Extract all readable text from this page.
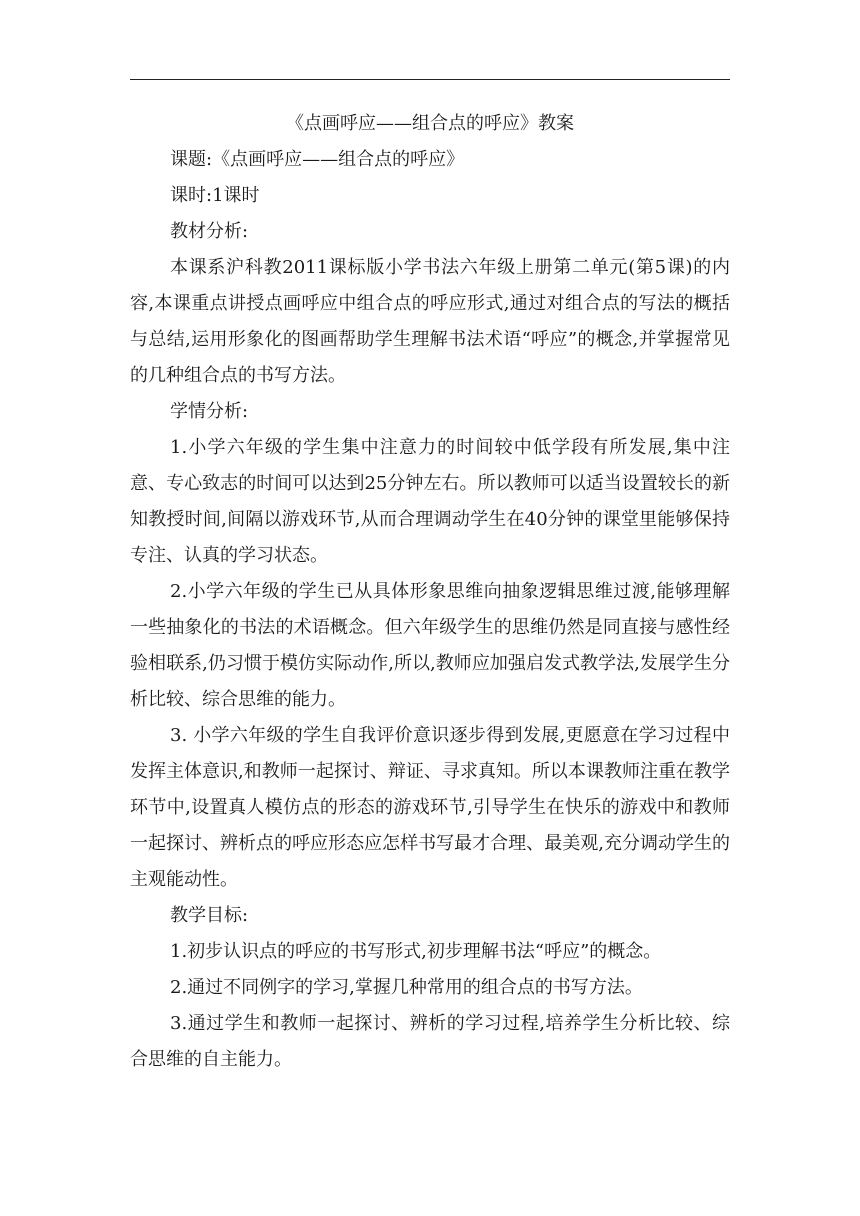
《点画呼应——组合点的呼应》教案

课题:《点画呼应——组合点的呼应》

课时:1课时

教材分析:

本课系沪科教2011课标版小学书法六年级上册第二单元(第5课)的内容,本课重点讲授点画呼应中组合点的呼应形式,通过对组合点的写法的概括与总结,运用形象化的图画帮助学生理解书法术语“呼应”的概念,并掌握常见的几种组合点的书写方法。

学情分析:

1.小学六年级的学生集中注意力的时间较中低学段有所发展,集中注意、专心致志的时间可以达到25分钟左右。所以教师可以适当设置较长的新知教授时间,间隔以游戏环节,从而合理调动学生在40分钟的课堂里能够保持专注、认真的学习状态。

2.小学六年级的学生已从具体形象思维向抽象逻辑思维过渡,能够理解一些抽象化的书法的术语概念。但六年级学生的思维仍然是同直接与感性经验相联系,仍习惯于模仿实际动作,所以,教师应加强启发式教学法,发展学生分析比较、综合思维的能力。

3. 小学六年级的学生自我评价意识逐步得到发展,更愿意在学习过程中发挥主体意识,和教师一起探讨、辩证、寻求真知。所以本课教师注重在教学环节中,设置真人模仿点的形态的游戏环节,引导学生在快乐的游戏中和教师一起探讨、辨析点的呼应形态应怎样书写最才合理、最美观,充分调动学生的主观能动性。

教学目标:

1.初步认识点的呼应的书写形式,初步理解书法“呼应”的概念。

2.通过不同例字的学习,掌握几种常用的组合点的书写方法。

3.通过学生和教师一起探讨、辨析的学习过程,培养学生分析比较、综合思维的自主能力。
